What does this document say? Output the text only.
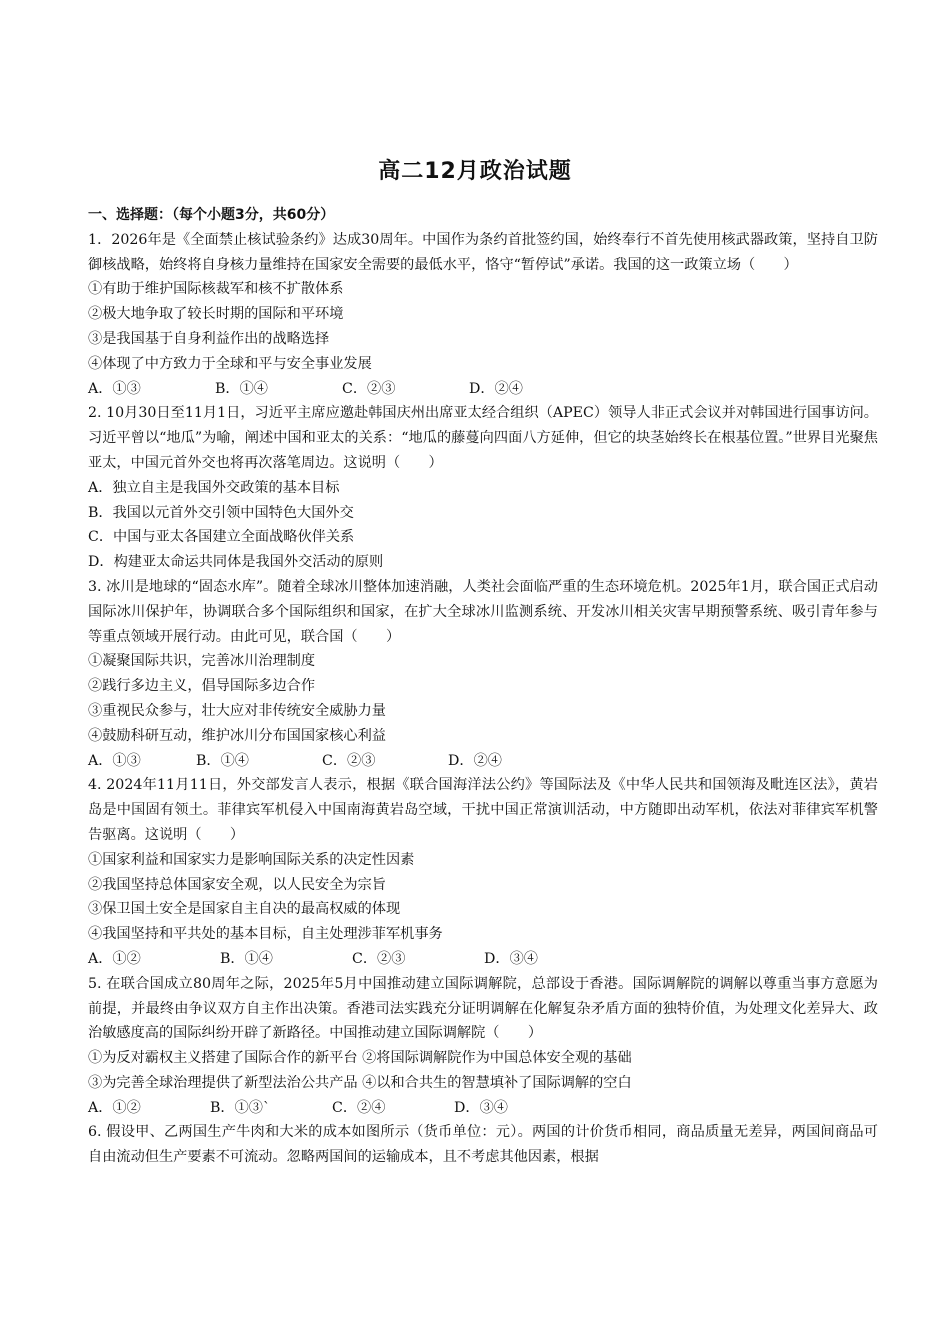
高二12月政治试题
一、选择题：（每个小题3分，共60分）
1．2026年是《全面禁止核试验条约》达成30周年。中国作为条约首批签约国，始终奉行不首先使用核武器政策，坚持自卫防御核战略，始终将自身核力量维持在国家安全需要的最低水平，恪守“暂停试”承诺。我国的这一政策立场（　　）
①有助于维护国际核裁军和核不扩散体系
②极大地争取了较长时期的国际和平环境
③是我国基于自身利益作出的战略选择
④体现了中方致力于全球和平与安全事业发展
A．①③	B．①④	C．②③	D．②④
2. 10月30日至11月1日，习近平主席应邀赴韩国庆州出席亚太经合组织（APEC）领导人非正式会议并对韩国进行国事访问。习近平曾以“地瓜”为喻，阐述中国和亚太的关系：“地瓜的藤蔓向四面八方延伸，但它的块茎始终长在根基位置。”世界目光聚焦亚太，中国元首外交也将再次落笔周边。这说明（　　）
A．独立自主是我国外交政策的基本目标
B．我国以元首外交引领中国特色大国外交
C．中国与亚太各国建立全面战略伙伴关系
D．构建亚太命运共同体是我国外交活动的原则
3. 冰川是地球的“固态水库”。随着全球冰川整体加速消融，人类社会面临严重的生态环境危机。2025年1月，联合国正式启动国际冰川保护年，协调联合多个国际组织和国家，在扩大全球冰川监测系统、开发冰川相关灾害早期预警系统、吸引青年参与等重点领域开展行动。由此可见，联合国（　　）
①凝聚国际共识，完善冰川治理制度
②践行多边主义，倡导国际多边合作
③重视民众参与，壮大应对非传统安全威胁力量
④鼓励科研互动，维护冰川分布国国家核心利益
A．①③	B．①④	C．②③	D．②④
4. 2024年11月11日，外交部发言人表示，根据《联合国海洋法公约》等国际法及《中华人民共和国领海及毗连区法》，黄岩岛是中国固有领土。菲律宾军机侵入中国南海黄岩岛空域，干扰中国正常演训活动，中方随即出动军机，依法对菲律宾军机警告驱离。这说明（　　）
①国家利益和国家实力是影响国际关系的决定性因素
②我国坚持总体国家安全观，以人民安全为宗旨
③保卫国土安全是国家自主自决的最高权威的体现
④我国坚持和平共处的基本目标，自主处理涉菲军机事务
A．①②	B．①④	C．②③	D．③④
5. 在联合国成立80周年之际，2025年5月中国推动建立国际调解院，总部设于香港。国际调解院的调解以尊重当事方意愿为前提，并最终由争议双方自主作出决策。香港司法实践充分证明调解在化解复杂矛盾方面的独特价值，为处理文化差异大、政治敏感度高的国际纠纷开辟了新路径。中国推动建立国际调解院（　　）
①为反对霸权主义搭建了国际合作的新平台 ②将国际调解院作为中国总体安全观的基础
③为完善全球治理提供了新型法治公共产品 ④以和合共生的智慧填补了国际调解的空白
A．①②	B．①③`	C．②④	D．③④
6. 假设甲、乙两国生产牛肉和大米的成本如图所示（货币单位：元）。两国的计价货币相同，商品质量无差异，两国间商品可自由流动但生产要素不可流动。忽略两国间的运输成本，且不考虑其他因素，根据
